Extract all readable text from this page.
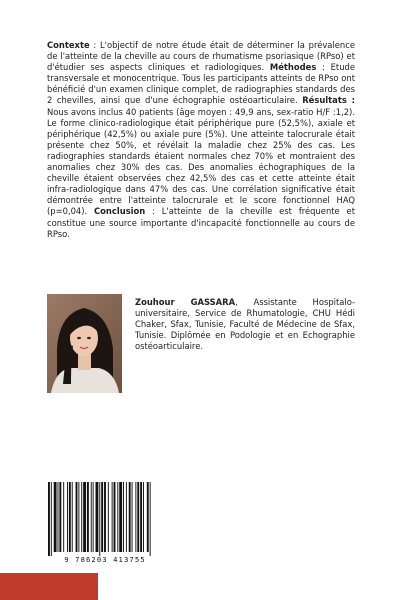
Contexte : L'objectif de notre étude était de déterminer la prévalence de l'atteinte de la cheville au cours de rhumatisme psoriasique (RPso) et d'étudier ses aspects cliniques et radiologiques. Méthodes : Etude transversale et monocentrique. Tous les participants atteints de RPso ont bénéficié d'un examen clinique complet, de radiographies standards des 2 chevilles, ainsi que d'une échographie ostéoarticulaire. Résultats : Nous avons inclus 40 patients (âge moyen : 49,9 ans, sex-ratio H/F :1,2). Le forme clinico-radiologique était périphérique pure (52,5%), axiale et périphérique (42,5%) ou axiale pure (5%). Une atteinte talocrurale était présente chez 50%, et révélait la maladie chez 25% des cas. Les radiographies standards étaient normales chez 70% et montraient des anomalies chez 30% des cas. Des anomalies échographiques de la cheville étaient observées chez 42,5% des cas et cette atteinte était infra-radiologique dans 47% des cas. Une corrélation significative était démontrée entre l'atteinte talocrurale et le score fonctionnel HAQ (p=0,04). Conclusion : L'atteinte de la cheville est fréquente et constitue une source importante d'incapacité fonctionnelle au cours de RPso.
Zouhour GASSARA, Assistante Hospitalo-universitaire, Service de Rhumatologie, CHU Hédi Chaker, Sfax, Tunisie, Faculté de Médecine de Sfax, Tunisie. Diplômée en Podologie et en Echographie ostéoarticulaire.
9 786203 413755
